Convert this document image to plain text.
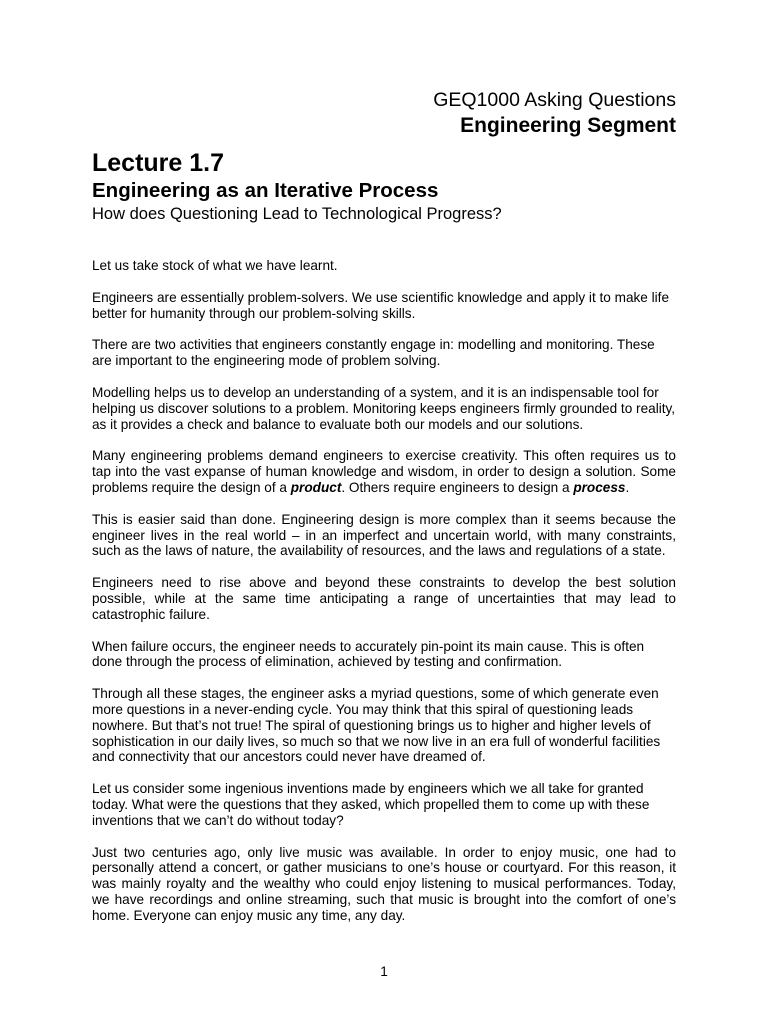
GEQ1000 Asking Questions
Engineering Segment
Lecture 1.7
Engineering as an Iterative Process
How does Questioning Lead to Technological Progress?

Let us take stock of what we have learnt.

Engineers are essentially problem-solvers. We use scientific knowledge and apply it to make life better for humanity through our problem-solving skills.

There are two activities that engineers constantly engage in: modelling and monitoring. These are important to the engineering mode of problem solving.

Modelling helps us to develop an understanding of a system, and it is an indispensable tool for helping us discover solutions to a problem. Monitoring keeps engineers firmly grounded to reality, as it provides a check and balance to evaluate both our models and our solutions.

Many engineering problems demand engineers to exercise creativity. This often requires us to tap into the vast expanse of human knowledge and wisdom, in order to design a solution. Some problems require the design of a product. Others require engineers to design a process.

This is easier said than done. Engineering design is more complex than it seems because the engineer lives in the real world – in an imperfect and uncertain world, with many constraints, such as the laws of nature, the availability of resources, and the laws and regulations of a state.

Engineers need to rise above and beyond these constraints to develop the best solution possible, while at the same time anticipating a range of uncertainties that may lead to catastrophic failure.

When failure occurs, the engineer needs to accurately pin-point its main cause. This is often done through the process of elimination, achieved by testing and confirmation.

Through all these stages, the engineer asks a myriad questions, some of which generate even more questions in a never-ending cycle. You may think that this spiral of questioning leads nowhere. But that’s not true! The spiral of questioning brings us to higher and higher levels of sophistication in our daily lives, so much so that we now live in an era full of wonderful facilities and connectivity that our ancestors could never have dreamed of.

Let us consider some ingenious inventions made by engineers which we all take for granted today. What were the questions that they asked, which propelled them to come up with these inventions that we can’t do without today?

Just two centuries ago, only live music was available. In order to enjoy music, one had to personally attend a concert, or gather musicians to one’s house or courtyard. For this reason, it was mainly royalty and the wealthy who could enjoy listening to musical performances. Today, we have recordings and online streaming, such that music is brought into the comfort of one’s home. Everyone can enjoy music any time, any day.

1
